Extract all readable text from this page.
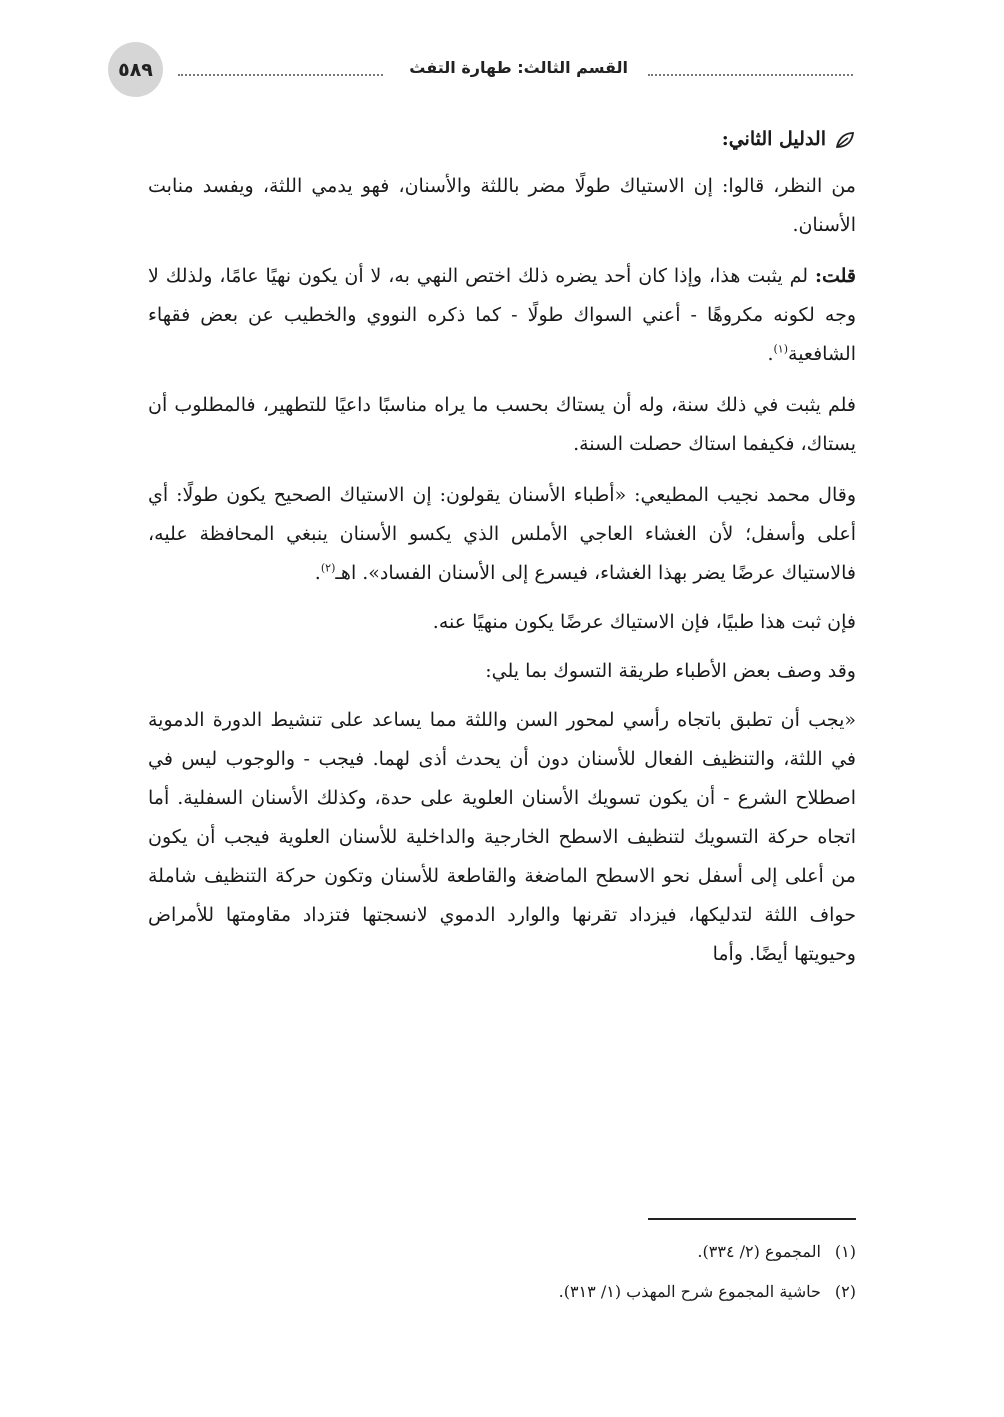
٥٨٩	القسم الثالث: طهارة التفث

الدليل الثاني:

من النظر، قالوا: إن الاستياك طولًا مضر باللثة والأسنان، فهو يدمي اللثة، ويفسد منابت الأسنان.

قلت: لم يثبت هذا، وإذا كان أحد يضره ذلك اختص النهي به، لا أن يكون نهيًا عامًا، ولذلك لا وجه لكونه مكروهًا - أعني السواك طولًا - كما ذكره النووي والخطيب عن بعض فقهاء الشافعية$^{(١)}$.

فلم يثبت في ذلك سنة، وله أن يستاك بحسب ما يراه مناسبًا داعيًا للتطهير، فالمطلوب أن يستاك، فكيفما استاك حصلت السنة.

وقال محمد نجيب المطيعي: «أطباء الأسنان يقولون: إن الاستياك الصحيح يكون طولًا: أي أعلى وأسفل؛ لأن الغشاء العاجي الأملس الذي يكسو الأسنان ينبغي المحافظة عليه، فالاستياك عرضًا يضر بهذا الغشاء، فيسرع إلى الأسنان الفساد». اهـ$^{(٢)}$.

فإن ثبت هذا طبيًا، فإن الاستياك عرضًا يكون منهيًا عنه.

وقد وصف بعض الأطباء طريقة التسوك بما يلي:

«يجب أن تطبق باتجاه رأسي لمحور السن واللثة مما يساعد على تنشيط الدورة الدموية في اللثة، والتنظيف الفعال للأسنان دون أن يحدث أذى لهما. فيجب - والوجوب ليس في اصطلاح الشرع - أن يكون تسويك الأسنان العلوية على حدة، وكذلك الأسنان السفلية. أما اتجاه حركة التسويك لتنظيف الاسطح الخارجية والداخلية للأسنان العلوية فيجب أن يكون من أعلى إلى أسفل نحو الاسطح الماضغة والقاطعة للأسنان وتكون حركة التنظيف شاملة حواف اللثة لتدليكها، فيزداد تقرنها والوارد الدموي لانسجتها فتزداد مقاومتها للأمراض وحيويتها أيضًا. وأما

(١)
المجموع (٢/ ٣٣٤).
(٢)
حاشية المجموع شرح المهذب (١/ ٣١٣).
